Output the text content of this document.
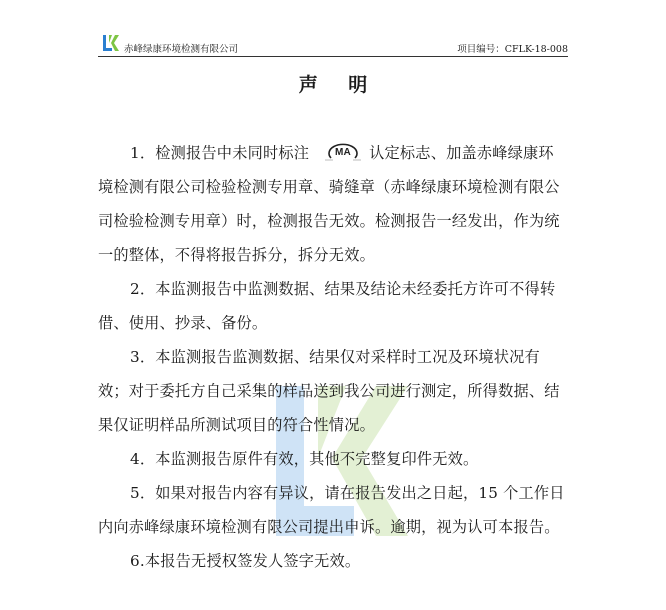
赤峰绿康环境检测有限公司	项目编号：CFLK-18-008
声 明

1．检测报告中未同时标注	MA 认定标志、加盖赤峰绿康环境检测有限公司检验检测专用章、骑缝章（赤峰绿康环境检测有限公司检验检测专用章）时，检测报告无效。检测报告一经发出，作为统一的整体，不得将报告拆分，拆分无效。

2．本监测报告中监测数据、结果及结论未经委托方许可不得转借、使用、抄录、备份。

3．本监测报告监测数据、结果仅对采样时工况及环境状况有效；对于委托方自己采集的样品送到我公司进行测定，所得数据、结果仅证明样品所测试项目的符合性情况。

4．本监测报告原件有效，其他不完整复印件无效。

5．如果对报告内容有异议，请在报告发出之日起，15 个工作日内向赤峰绿康环境检测有限公司提出申诉。逾期，视为认可本报告。

6.本报告无授权签发人签字无效。
